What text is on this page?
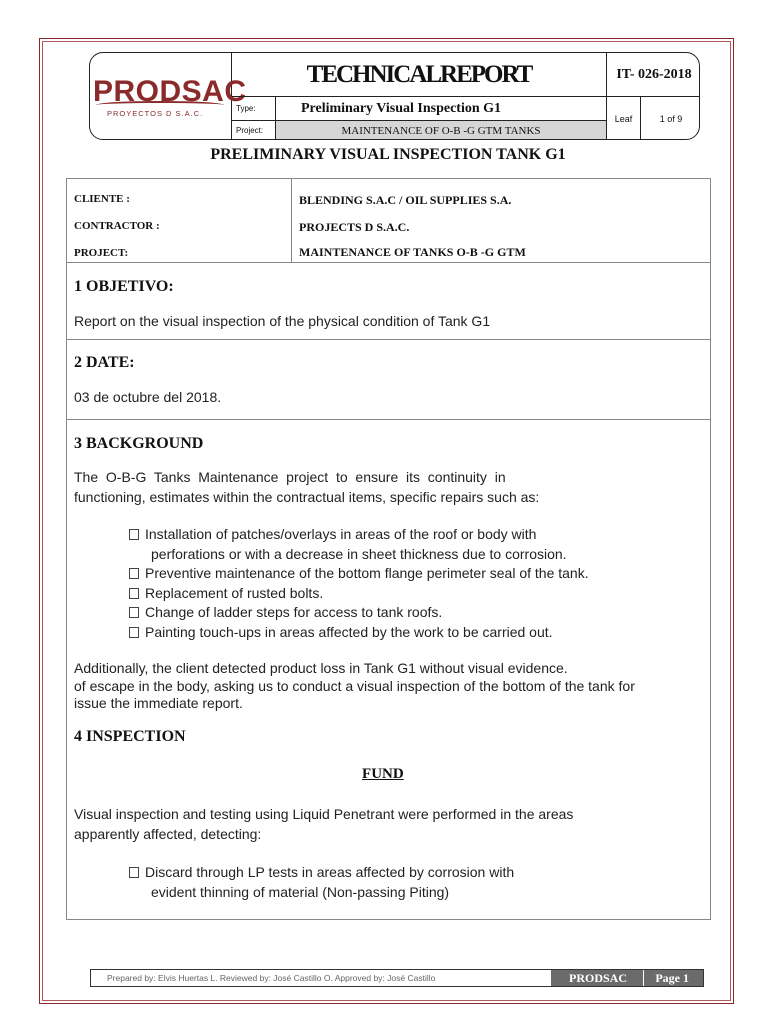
PRODSAC
PROYECTOS D S.A.C.
TECHNICALREPORT	IT- 026-2018
Type:	Preliminary Visual Inspection G1
Project:	MAINTENANCE OF O-B -G GTM TANKS
Leaf	1 of 9
PRELIMINARY VISUAL INSPECTION TANK G1
CLIENTE :	BLENDING S.A.C / OIL SUPPLIES S.A.
CONTRACTOR :	PROJECTS D S.A.C.
PROJECT:	MAINTENANCE OF TANKS O-B -G GTM
1 OBJETIVO:
Report on the visual inspection of the physical condition of Tank G1
2 DATE:
03 de octubre del 2018.
3 BACKGROUND
The  O-B-G  Tanks  Maintenance  project  to  ensure  its  continuity  in
functioning, estimates within the contractual items, specific repairs such as:
Installation of patches/overlays in areas of the roof or body with
perforations or with a decrease in sheet thickness due to corrosion.
Preventive maintenance of the bottom flange perimeter seal of the tank.
Replacement of rusted bolts.
Change of ladder steps for access to tank roofs.
Painting touch-ups in areas affected by the work to be carried out.
Additionally, the client detected product loss in Tank G1 without visual evidence.
of escape in the body, asking us to conduct a visual inspection of the bottom of the tank for
issue the immediate report.
4 INSPECTION
FUND
Visual inspection and testing using Liquid Penetrant were performed in the areas
apparently affected, detecting:
Discard through LP tests in areas affected by corrosion with
evident thinning of material (Non-passing Piting)
Prepared by: Elvis Huertas L. Reviewed by: José Castillo O. Approved by: José Castillo	PRODSAC Page 1
